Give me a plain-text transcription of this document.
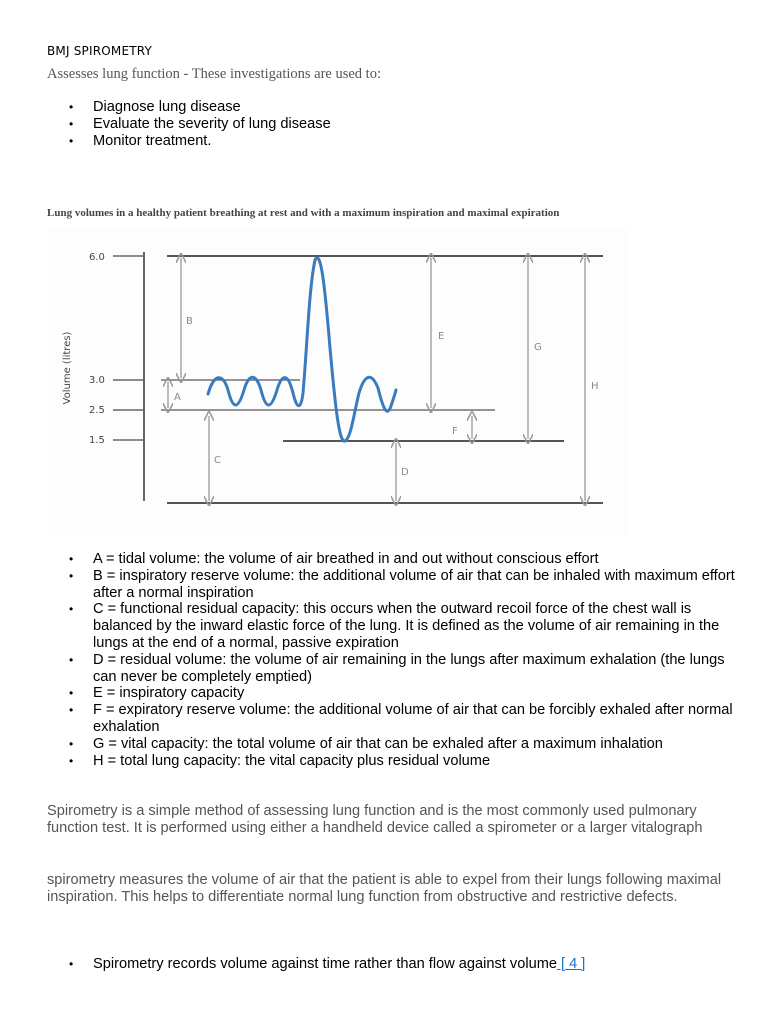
BMJ SPIROMETRY
Assesses lung function - These investigations are used to:
• Diagnose lung disease
• Evaluate the severity of lung disease
• Monitor treatment.
Lung volumes in a healthy patient breathing at rest and with a maximum inspiration and maximal expiration
Volume (litres)
6.0
3.0
2.5
1.5
A
B
C
D
E
F
G
H
• A = tidal volume: the volume of air breathed in and out without conscious effort
• B = inspiratory reserve volume: the additional volume of air that can be inhaled with maximum effort after a normal inspiration
• C = functional residual capacity: this occurs when the outward recoil force of the chest wall is balanced by the inward elastic force of the lung. It is defined as the volume of air remaining in the lungs at the end of a normal, passive expiration
• D = residual volume: the volume of air remaining in the lungs after maximum exhalation (the lungs can never be completely emptied)
• E = inspiratory capacity
• F = expiratory reserve volume: the additional volume of air that can be forcibly exhaled after normal exhalation
• G = vital capacity: the total volume of air that can be exhaled after a maximum inhalation
• H = total lung capacity: the vital capacity plus residual volume

Spirometry is a simple method of assessing lung function and is the most commonly used pulmonary function test. It is performed using either a handheld device called a spirometer or a larger vitalograph

spirometry measures the volume of air that the patient is able to expel from their lungs following maximal inspiration. This helps to differentiate normal lung function from obstructive and restrictive defects.

• Spirometry records volume against time rather than flow against volume [ 4 ]
